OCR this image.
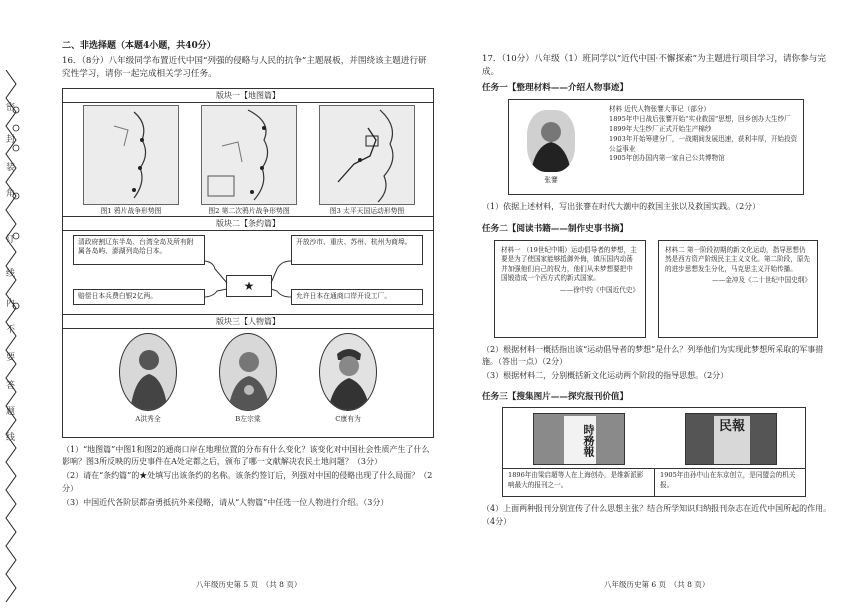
密
封
装
角
订
线
内
不
要
答
题
线
二、非选择题（本题4小题，共40分）
16．（8分）八年级同学布置近代中国“列强的侵略与人民的抗争”主题展板，并围绕该主题进行研究性学习，请你一起完成相关学习任务。
版块一【地图篇】
图1 鸦片战争形势图	图2 第二次鸦片战争形势图	图3 太平天国运动形势图
版块二【条约篇】
清政府割辽东半岛、台湾全岛及所有附属各岛屿、澎湖列岛给日本。
赔偿日本兵费白银2亿两。
开放沙市、重庆、苏州、杭州为商埠。
允许日本在通商口岸开设工厂。
★
版块三【人物篇】
A洪秀全	B左宗棠	C康有为
（1）“地图篇”中图1和图2的通商口岸在地理位置的分布有什么变化？该变化对中国社会性质产生了什么影响？图3所反映的历史事件在A处定都之后，颁布了哪一文献解决农民土地问题？（3分）
（2）请在“条约篇”的★处填写出该条约的名称。该条约签订后，列强对中国的侵略出现了什么局面？（2分）
（3）中国近代各阶层都奋勇抵抗外来侵略，请从“人物篇”中任选一位人物进行介绍。（3分）
八年级历史第 5 页　（共 8 页）
17．（10分）八年级（1）班同学以“近代中国·不懈探索”为主题进行项目学习，请你参与完成。
任务一【整理材料——介绍人物事迹】
张謇
材料 近代人物张謇大事记（部分）
1895年中日战后张謇开始“实业救国”思想，回乡创办大生纱厂
1899年大生纱厂正式开始生产棉纱
1903年开始筹建分厂，一战期间发展迅速，获利丰厚，开始投资公益事业
1905年创办国内第一家自己公共博物馆
（1）依据上述材料，写出张謇在时代大潮中的救国主张以及救国实践。（2分）
任务二【阅读书籍——制作史事书摘】
材料一 （19世纪中期）运动倡导者的梦想，主要是为了使国家能够抵御外侮，镇压国内动荡并加强他们自己的权力，他们从未梦想要把中国锻造成一个西方式的新式国家。
——徐中约《中国近代史》
材料二 第一阶段初期的新文化运动，指导思想仍然是西方资产阶级民主主义文化。第二阶段，原先的进步思想发生分化，马克思主义开始传播。
——金冲及《二十世纪中国史纲》
（2）根据材料一概括指出该“运动倡导者的梦想”是什么？列举他们为实现此梦想所采取的军事措施。（答出一点）（2分）
（3）根据材料二，分别概括新文化运动两个阶段的指导思想。（2分）
任务三【搜集图片——探究报刊价值】
時務報	民報
1896年由梁启超等人在上海创办，是维新派影响最大的报刊之一。
1905年由孙中山在东京创立，是同盟会的机关报。
（4）上面两种报刊分别宣传了什么思想主张？结合所学知识归纳报刊杂志在近代中国所起的作用。（4分）
八年级历史第 6 页　（共 8 页）
